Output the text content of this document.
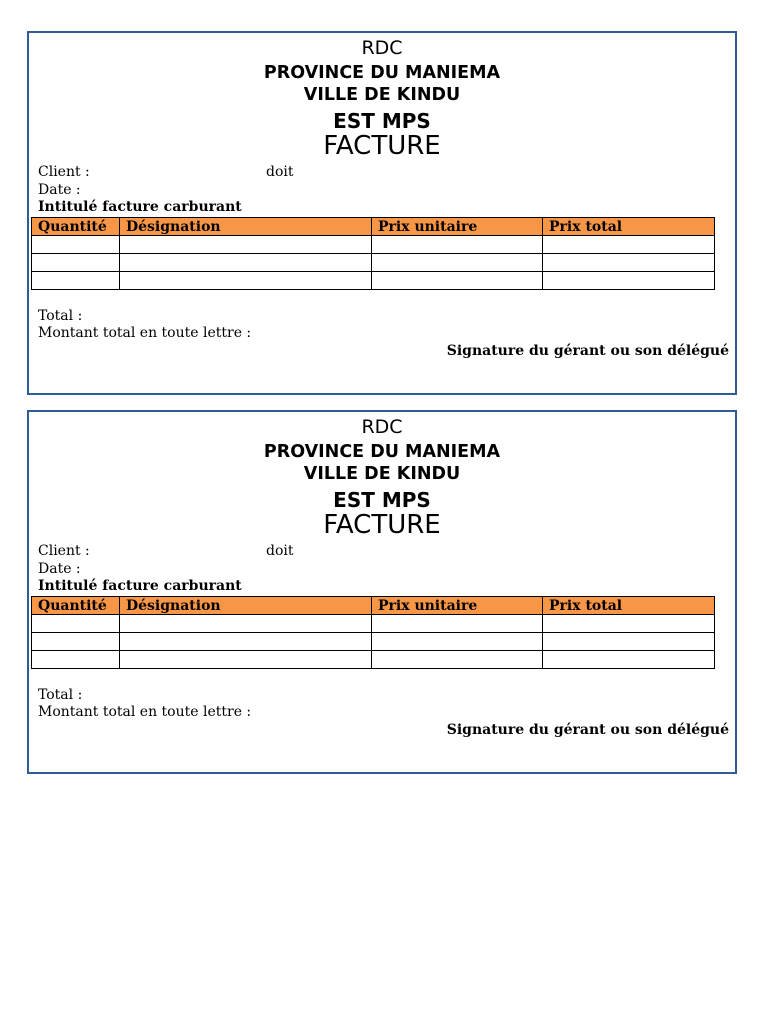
RDC
PROVINCE DU MANIEMA
VILLE DE KINDU
EST MPS
FACTURE
Client :	doit
Date :
Intitulé facture carburant
Quantité	Désignation	Prix unitaire	Prix total

Total :
Montant total en toute lettre :
Signature du gérant ou son délégué
RDC
PROVINCE DU MANIEMA
VILLE DE KINDU
EST MPS
FACTURE
Client :	doit
Date :
Intitulé facture carburant
Quantité	Désignation	Prix unitaire	Prix total

Total :
Montant total en toute lettre :
Signature du gérant ou son délégué
